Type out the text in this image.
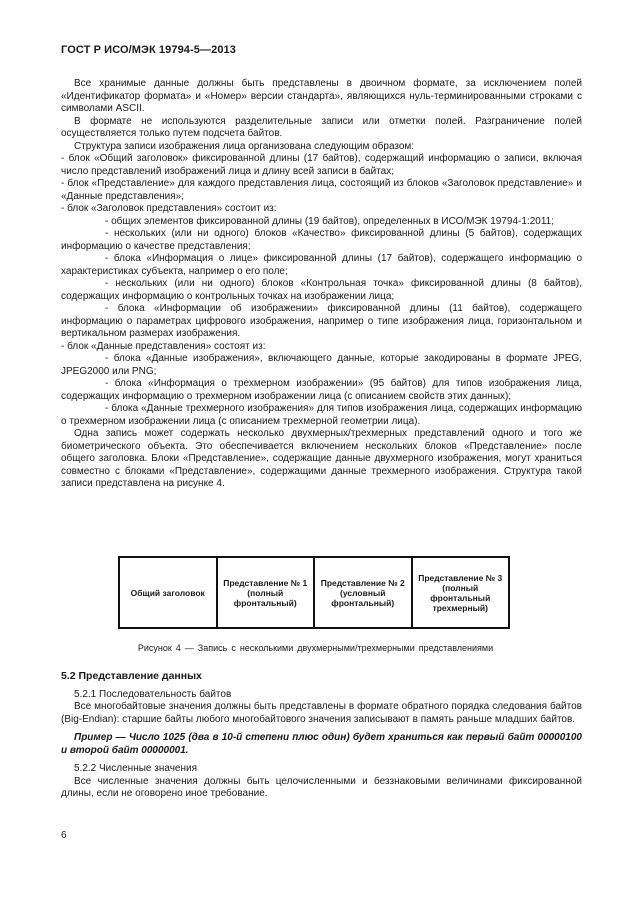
ГОСТ Р ИСО/МЭК 19794-5—2013

Все хранимые данные должны быть представлены в двоичном формате, за исключением полей «Идентификатор формата» и «Номер» версии стандарта», являющихся нуль-терминированными строками с символами ASCII.

В формате не используются разделительные записи или отметки полей. Разграничение полей осуществляется только путем подсчета байтов.

Структура записи изображения лица организована следующим образом:

- блок «Общий заголовок» фиксированной длины (17 байтов), содержащий информацию о записи, включая число представлений изображений лица и длину всей записи в байтах;

- блок «Представление» для каждого представления лица, состоящий из блоков «Заголовок представление» и «Данные представления»;

- блок «Заголовок представления» состоит из:

- общих элементов фиксированной длины (19 байтов), определенных в ИСО/МЭК 19794-1:2011;

- нескольких (или ни одного) блоков «Качество» фиксированной длины (5 байтов), содержащих информацию о качестве представления;

- блока «Информация о лице» фиксированной длины (17 байтов), содержащего информацию о характеристиках субъекта, например о его поле;

- нескольких (или ни одного) блоков «Контрольная точка» фиксированной длины (8 байтов), содержащих информацию о контрольных точках на изображении лица;

- блока «Информации об изображении» фиксированной длины (11 байтов), содержащего информацию о параметрах цифрового изображения, например о типе изображения лица, горизонтальном и вертикальном размерах изображения.

- блок «Данные представления» состоят из:

- блока «Данные изображения», включающего данные, которые закодированы в формате JPEG, JPEG2000 или PNG;

- блока «Информация о трехмерном изображении» (95 байтов) для типов изображения лица, содержащих информацию о трехмерном изображении лица (с описанием свойств этих данных);

- блока «Данные трехмерного изображения» для типов изображения лица, содержащих информацию о трехмерном изображении лица (с описанием трехмерной геометрии лица).

Одна запись может содержать несколько двухмерных/трехмерных представлений одного и того же биометрического объекта. Это обеспечивается включением нескольких блоков «Представление» после общего заголовка. Блоки «Представление», содержащие данные двухмерного изображения, могут храниться совместно с блоками «Представление», содержащими данные трехмерного изображения. Структура такой записи представлена на рисунке 4.

Общий заголовок
Представление № 1 (полный фронтальный)
Представление № 2 (условный фронтальный)
Представление № 3 (полный фронтальный трехмерный)
Рисунок 4 — Запись с несколькими двухмерными/трехмерными представлениями

5.2 Представление данных

5.2.1 Последовательность байтов

Все многобайтовые значения должны быть представлены в формате обратного порядка следования байтов (Big-Endian): старшие байты любого многобайтового значения записывают в память раньше младших байтов.

Пример — Число 1025 (два в 10-й степени плюс один) будет храниться как первый байт 00000100 и второй байт 00000001.

5.2.2 Численные значения

Все численные значения должны быть целочисленными и беззнаковыми величинами фиксированной длины, если не оговорено иное требование.

6
